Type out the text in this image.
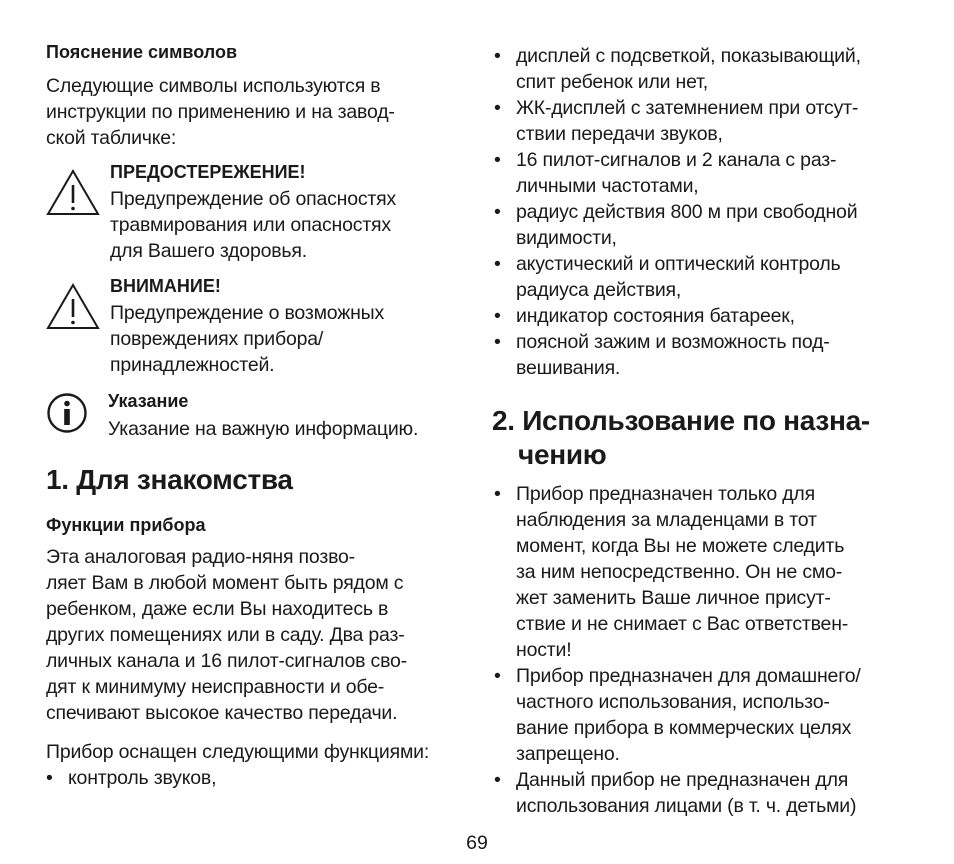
Пояснение символов
Следующие символы используются в
инструкции по применению и на завод-
ской табличке:
ПРЕДОСТЕРЕЖЕНИЕ!
Предупреждение об опасностях
травмирования или опасностях
для Вашего здоровья.
ВНИМАНИЕ!
Предупреждение о возможных
повреждениях прибора/
принадлежностей.
Указание
Указание на важную информацию.
1. Для знакомства
Функции прибора
Эта аналоговая радио-няня позво-
ляет Вам в любой момент быть рядом с
ребенком, даже если Вы находитесь в
других помещениях или в саду. Два раз-
личных канала и 16 пилот-сигналов сво-
дят к минимуму неисправности и обе-
спечивают высокое качество передачи.
Прибор оснащен следующими функциями:
• контроль звуков,
• дисплей с подсветкой, показывающий,
спит ребенок или нет,
• ЖК-дисплей с затемнением при отсут-
ствии передачи звуков,
• 16 пилот-сигналов и 2 канала с раз-
личными частотами,
• радиус действия 800 м при свободной
видимости,
• акустический и оптический контроль
радиуса действия,
• индикатор состояния батареек,
• поясной зажим и возможность под-
вешивания.
2. Использование по назна-
чению
• Прибор предназначен только для
наблюдения за младенцами в тот
момент, когда Вы не можете следить
за ним непосредственно. Он не смо-
жет заменить Ваше личное присут-
ствие и не снимает с Вас ответствен-
ности!
• Прибор предназначен для домашнего/
частного использования, использо-
вание прибора в коммерческих целях
запрещено.
• Данный прибор не предназначен для
использования лицами (в т. ч. детьми)
69
